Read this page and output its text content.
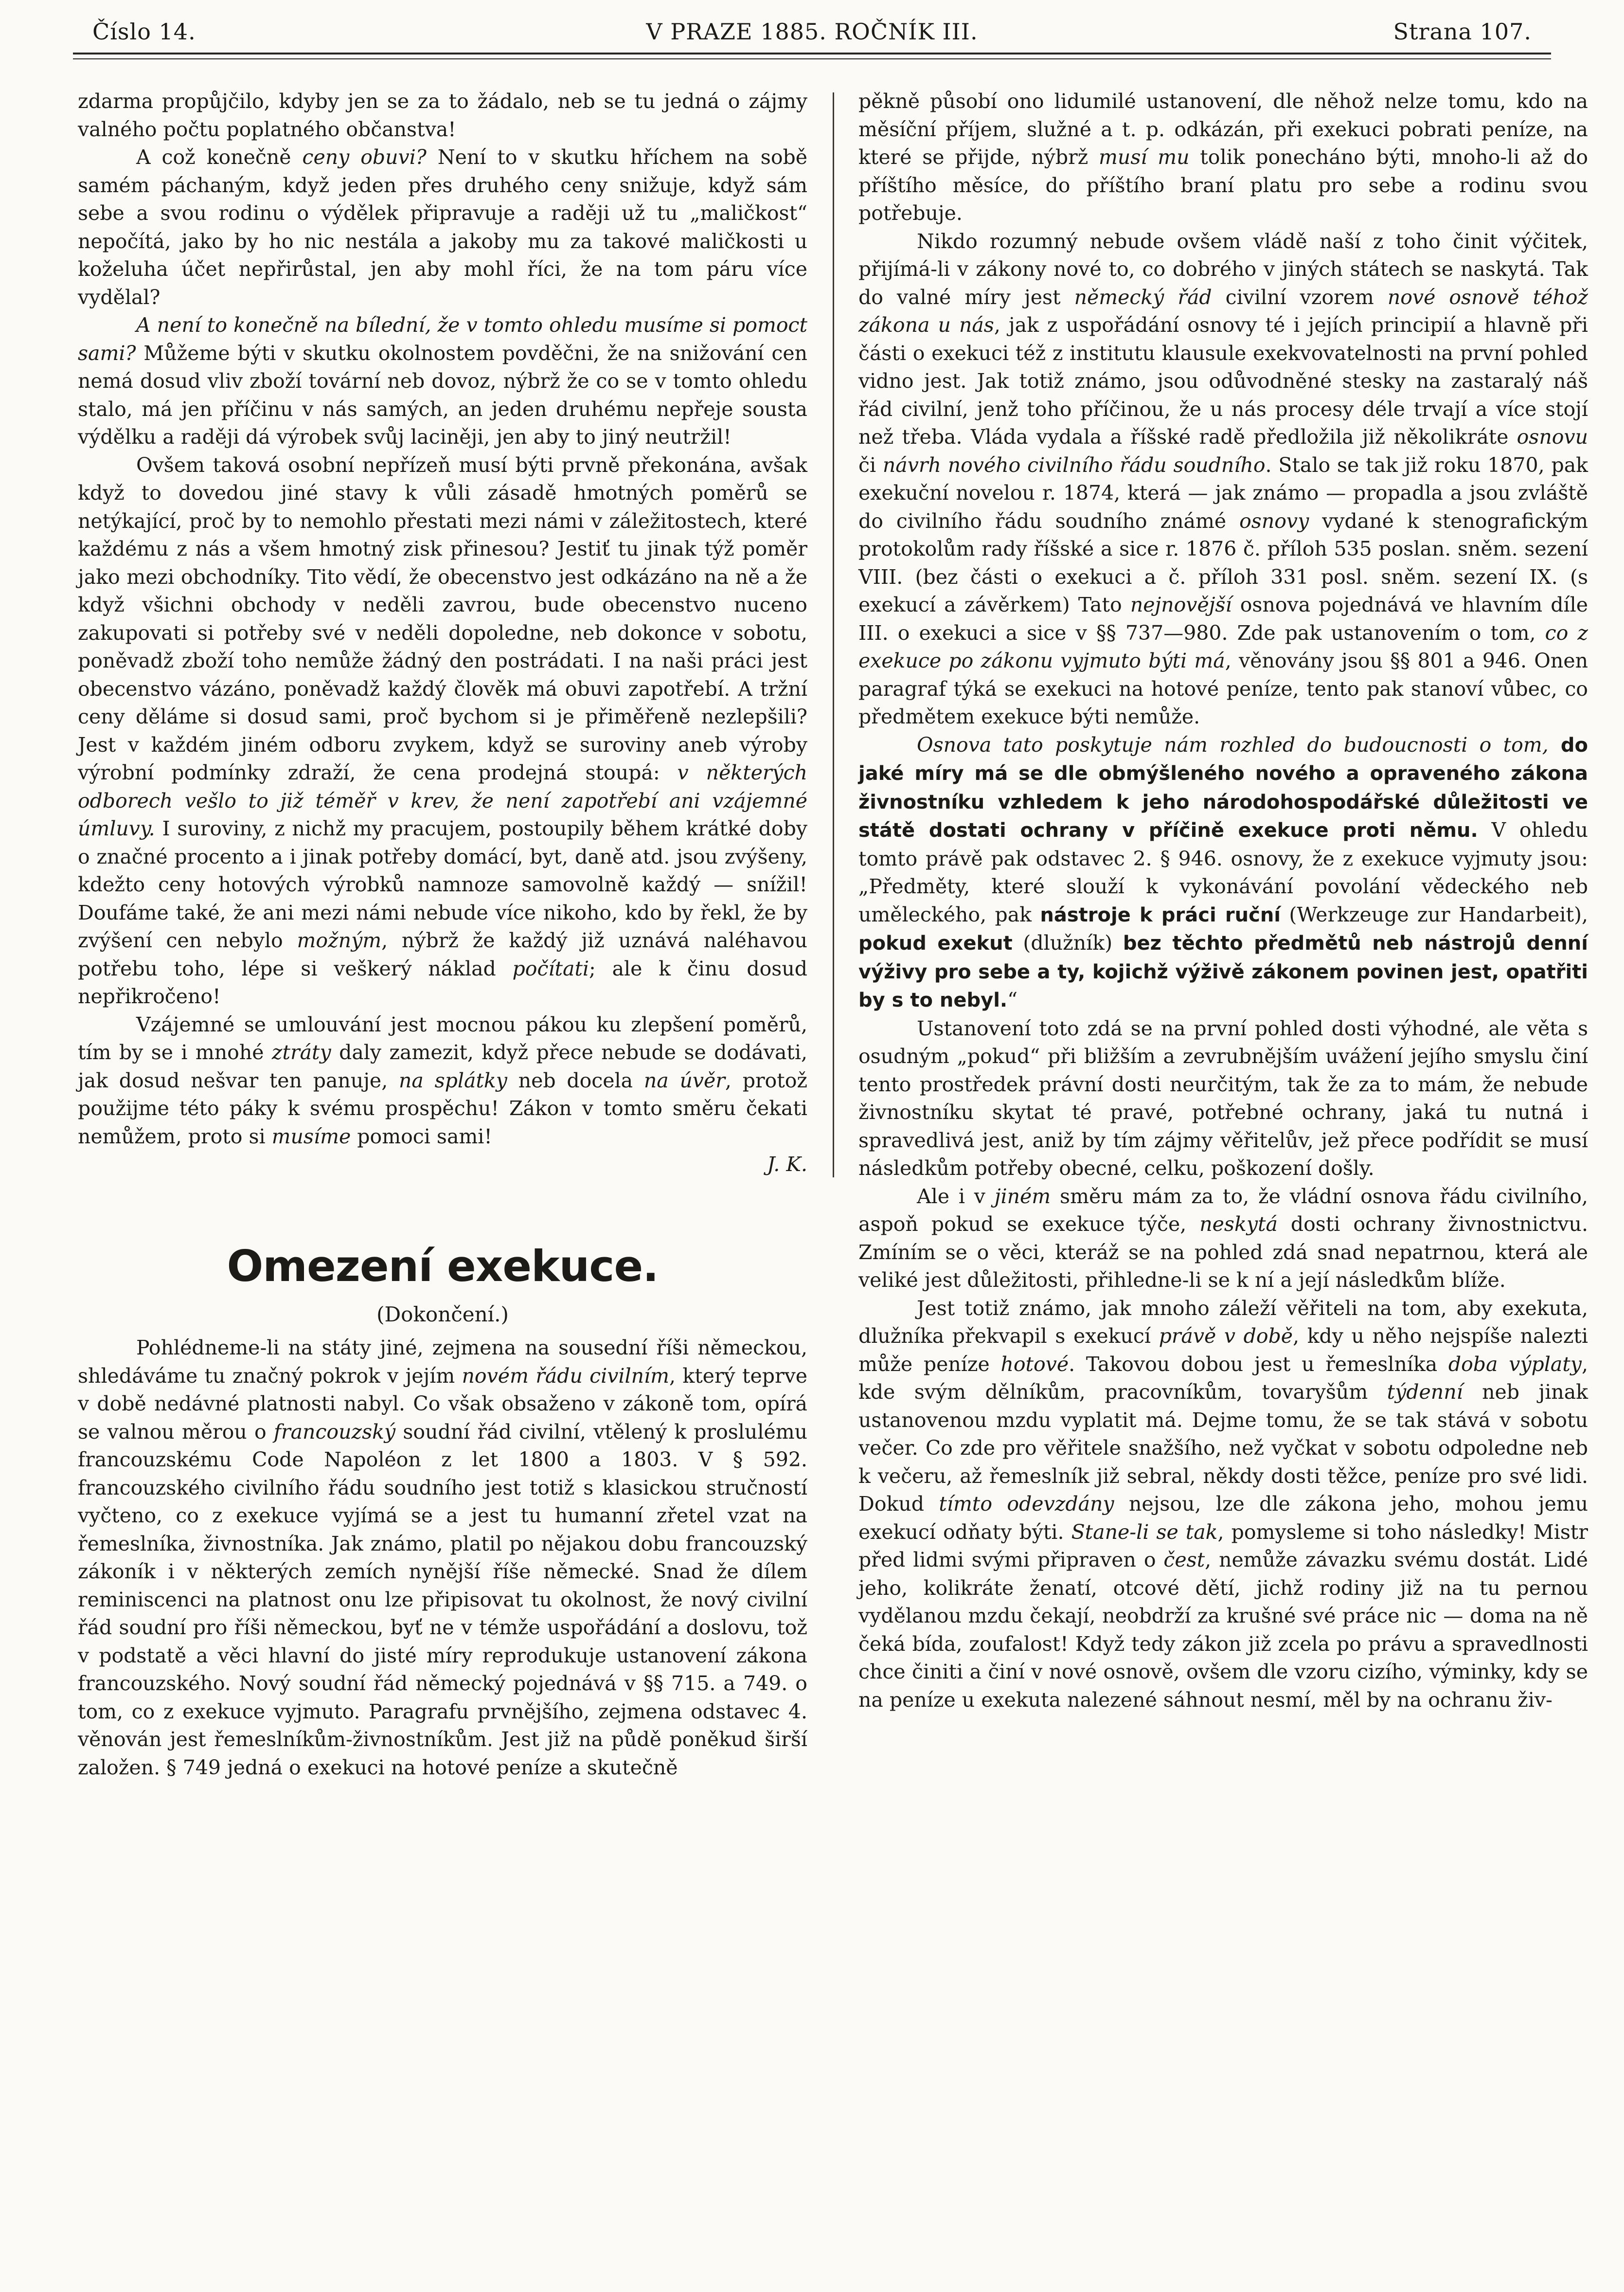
Číslo 14.	V PRAZE 1885. ROČNÍK III.	Strana 107.

zdarma propůjčilo, kdyby jen se za to žádalo, neb se tu jedná o zájmy valného počtu poplatného občanstva!

A což konečně ceny obuvi? Není to v skutku hříchem na sobě samém páchaným, když jeden přes druhého ceny snižuje, když sám sebe a svou rodinu o výdělek připravuje a raději už tu „maličkost“ nepočítá, jako by ho nic nestála a jakoby mu za takové maličkosti u koželuha účet nepřirůstal, jen aby mohl říci, že na tom páru více vydělal?

A není to konečně na bílední, že v tomto ohledu musíme si pomoct sami? Můžeme býti v skutku okolnostem povděčni, že na snižování cen nemá dosud vliv zboží tovární neb dovoz, nýbrž že co se v tomto ohledu stalo, má jen příčinu v nás samých, an jeden druhému nepřeje sousta výdělku a raději dá výrobek svůj laciněji, jen aby to jiný neutržil!

Ovšem taková osobní nepřízeň musí býti prvně překonána, avšak když to dovedou jiné stavy k vůli zásadě hmotných poměrů se netýkající, proč by to nemohlo přestati mezi námi v záležitostech, které každému z nás a všem hmotný zisk přinesou? Jestiť tu jinak týž poměr jako mezi obchodníky. Tito vědí, že obecenstvo jest odkázáno na ně a že když všichni obchody v neděli zavrou, bude obecenstvo nuceno zakupovati si potřeby své v neděli dopoledne, neb dokonce v sobotu, poněvadž zboží toho nemůže žádný den postrádati. I na naši práci jest obecenstvo vázáno, poněvadž každý člověk má obuvi zapotřebí. A tržní ceny děláme si dosud sami, proč bychom si je přiměřeně nezlepšili? Jest v každém jiném odboru zvykem, když se suroviny aneb výroby výrobní podmínky zdraží, že cena prodejná stoupá: v některých odborech vešlo to již téměř v krev, že není zapotřebí ani vzájemné úmluvy. I suroviny, z nichž my pracujem, postoupily během krátké doby o značné procento a i jinak potřeby domácí, byt, daně atd. jsou zvýšeny, kdežto ceny hotových výrobků namnoze samovolně každý — snížil! Doufáme také, že ani mezi námi nebude více nikoho, kdo by řekl, že by zvýšení cen nebylo možným, nýbrž že každý již uznává naléhavou potřebu toho, lépe si veškerý náklad počítati; ale k činu dosud nepřikročeno!

Vzájemné se umlouvání jest mocnou pákou ku zlepšení poměrů, tím by se i mnohé ztráty daly zamezit, když přece nebude se dodávati, jak dosud nešvar ten panuje, na splátky neb docela na úvěr, protož použijme této páky k svému prospěchu! Zákon v tomto směru čekati nemůžem, proto si musíme pomoci sami!

J. K.
Omezení exekuce.
(Dokončení.)

Pohlédneme-li na státy jiné, zejmena na sousední říši německou, shledáváme tu značný pokrok v jejím novém řádu civilním, který teprve v době nedávné platnosti nabyl. Co však obsaženo v zákoně tom, opírá se valnou měrou o francouzský soudní řád civilní, vtělený k proslulému francouzskému Code Napoléon z let 1800 a 1803. V § 592. francouzského civilního řádu soudního jest totiž s klasickou stručností vyčteno, co z exekuce vyjímá se a jest tu humanní zřetel vzat na řemeslníka, živnostníka. Jak známo, platil po nějakou dobu francouzský zákoník i v některých zemích nynější říše německé. Snad že dílem reminiscenci na platnost onu lze připisovat tu okolnost, že nový civilní řád soudní pro říši německou, byť ne v témže uspořádání a doslovu, tož v podstatě a věci hlavní do jisté míry reprodukuje ustanovení zákona francouzského. Nový soudní řád německý pojednává v §§ 715. a 749. o tom, co z exekuce vyjmuto. Paragrafu prvnějšího, zejmena odstavec 4. věnován jest řemeslníkům-živnostníkům. Jest již na půdě poněkud širší založen. § 749 jedná o exekuci na hotové peníze a skutečně

pěkně působí ono lidumilé ustanovení, dle něhož nelze tomu, kdo na měsíční příjem, služné a t. p. odkázán, při exekuci pobrati peníze, na které se přijde, nýbrž musí mu tolik ponecháno býti, mnoho-li až do příštího měsíce, do příštího braní platu pro sebe a rodinu svou potřebuje.

Nikdo rozumný nebude ovšem vládě naší z toho činit výčitek, přijímá-li v zákony nové to, co dobrého v jiných státech se naskytá. Tak do valné míry jest německý řád civilní vzorem nové osnově téhož zákona u nás, jak z uspořádání osnovy té i jejích principií a hlavně při části o exekuci též z institutu klausule exekvovatelnosti na první pohled vidno jest. Jak totiž známo, jsou odůvodněné stesky na zastaralý náš řád civilní, jenž toho příčinou, že u nás procesy déle trvají a více stojí než třeba. Vláda vydala a říšské radě předložila již několikráte osnovu či návrh nového civilního řádu soudního. Stalo se tak již roku 1870, pak exekuční novelou r. 1874, která — jak známo — propadla a jsou zvláště do civilního řádu soudního známé osnovy vydané k stenografickým protokolům rady říšské a sice r. 1876 č. příloh 535 poslan. sněm. sezení VIII. (bez části o exekuci a č. příloh 331 posl. sněm. sezení IX. (s exekucí a závěrkem) Tato nejnovější osnova pojednává ve hlavním díle III. o exekuci a sice v §§ 737—980. Zde pak ustanovením o tom, co z exekuce po zákonu vyjmuto býti má, věnovány jsou §§ 801 a 946. Onen paragraf týká se exekuci na hotové peníze, tento pak stanoví vůbec, co předmětem exekuce býti nemůže.

Osnova tato poskytuje nám rozhled do budoucnosti o tom, do jaké míry má se dle obmýšleného nového a opraveného zákona živnostníku vzhledem k jeho národohospodářské důležitosti ve státě dostati ochrany v příčině exekuce proti němu. V ohledu tomto právě pak odstavec 2. § 946. osnovy, že z exekuce vyjmuty jsou: „Předměty, které slouží k vykonávání povolání vědeckého neb uměleckého, pak nástroje k práci ruční (Werkzeuge zur Handarbeit), pokud exekut (dlužník) bez těchto předmětů neb nástrojů denní výživy pro sebe a ty, kojichž výživě zákonem povinen jest, opatřiti by s to nebyl.“

Ustanovení toto zdá se na první pohled dosti výhodné, ale věta s osudným „pokud“ při bližším a zevrubnějším uvážení jejího smyslu činí tento prostředek právní dosti neurčitým, tak že za to mám, že nebude živnostníku skytat té pravé, potřebné ochrany, jaká tu nutná i spravedlivá jest, aniž by tím zájmy věřitelův, jež přece podřídit se musí následkům potřeby obecné, celku, poškození došly.

Ale i v jiném směru mám za to, že vládní osnova řádu civilního, aspoň pokud se exekuce týče, neskytá dosti ochrany živnostnictvu. Zmíním se o věci, kteráž se na pohled zdá snad nepatrnou, která ale veliké jest důležitosti, přihledne-li se k ní a její následkům blíže.

Jest totiž známo, jak mnoho záleží věřiteli na tom, aby exekuta, dlužníka překvapil s exekucí právě v době, kdy u něho nejspíše nalezti může peníze hotové. Takovou dobou jest u řemeslníka doba výplaty, kde svým dělníkům, pracovníkům, tovaryšům týdenní neb jinak ustanovenou mzdu vyplatit má. Dejme tomu, že se tak stává v sobotu večer. Co zde pro věřitele snažšího, než vyčkat v sobotu odpoledne neb k večeru, až řemeslník již sebral, někdy dosti těžce, peníze pro své lidi. Dokud tímto odevzdány nejsou, lze dle zákona jeho, mohou jemu exekucí odňaty býti. Stane-li se tak, pomysleme si toho následky! Mistr před lidmi svými připraven o čest, nemůže závazku svému dostát. Lidé jeho, kolikráte ženatí, otcové dětí, jichž rodiny již na tu pernou vydělanou mzdu čekají, neobdrží za krušné své práce nic — doma na ně čeká bída, zoufalost! Když tedy zákon již zcela po právu a spravedlnosti chce činiti a činí v nové osnově, ovšem dle vzoru cizího, výminky, kdy se na peníze u exekuta nalezené sáhnout nesmí, měl by na ochranu živ-
